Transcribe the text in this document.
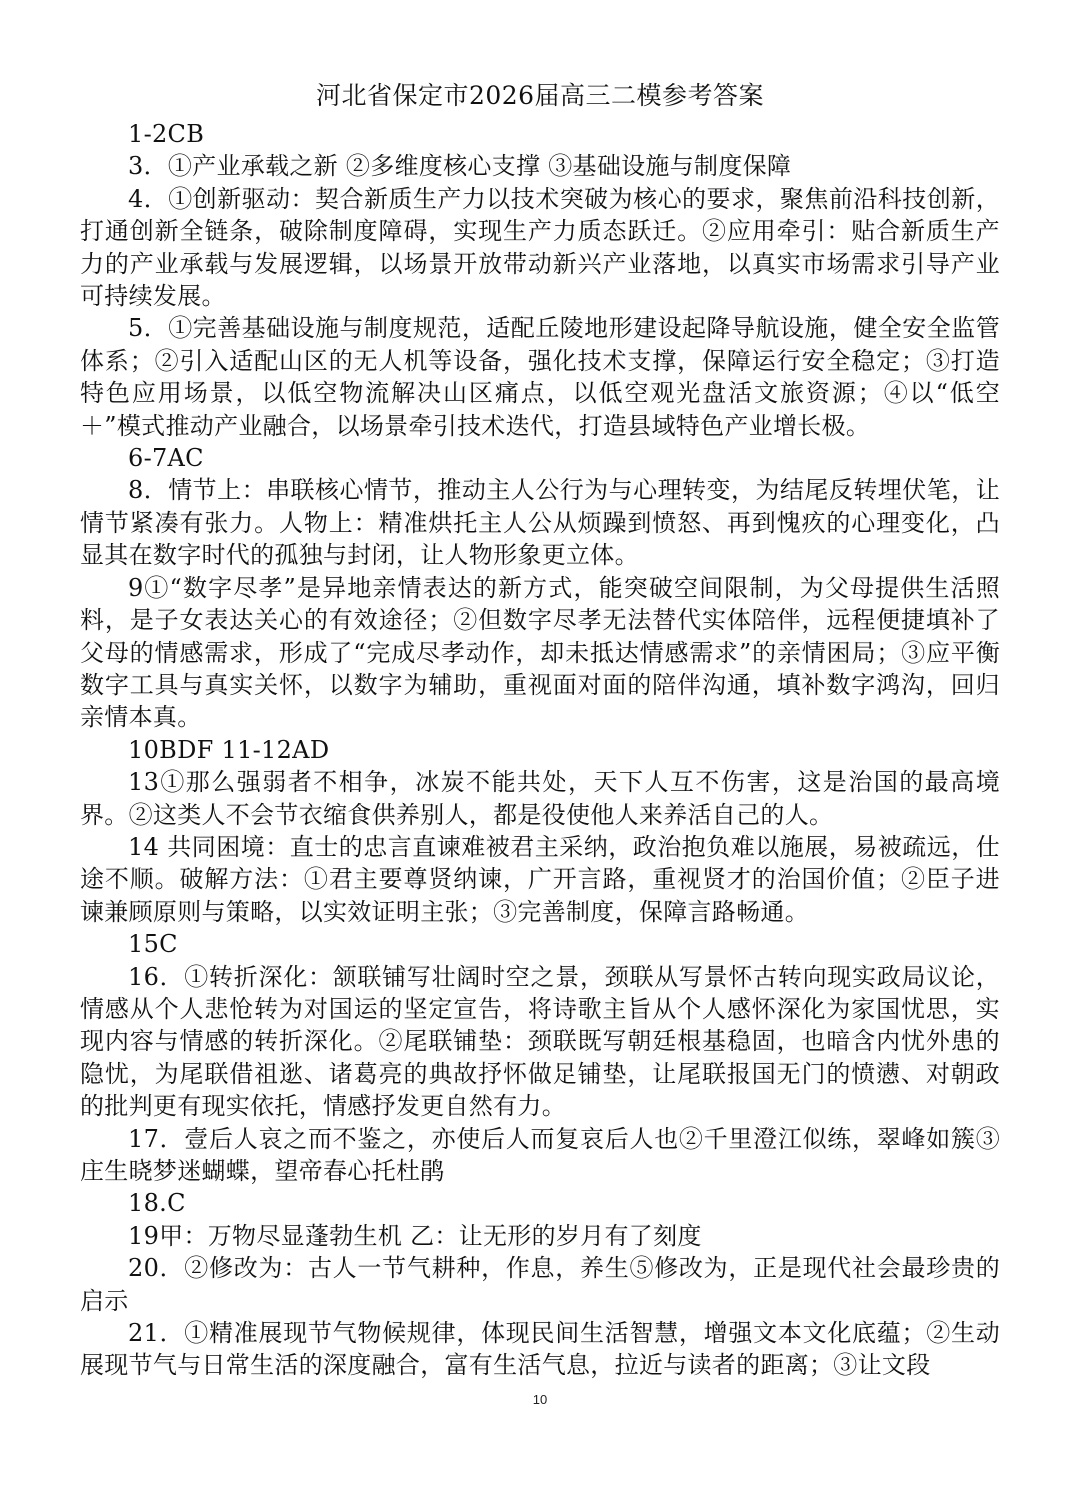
河北省保定市2026届高三二模参考答案

1-2CB

3．①产业承载之新 ②多维度核心支撑 ③基础设施与制度保障

4．①创新驱动：契合新质生产力以技术突破为核心的要求，聚焦前沿科技创新，打通创新全链条，破除制度障碍，实现生产力质态跃迁。②应用牵引：贴合新质生产力的产业承载与发展逻辑，以场景开放带动新兴产业落地，以真实市场需求引导产业可持续发展。

5．①完善基础设施与制度规范，适配丘陵地形建设起降导航设施，健全安全监管体系；②引入适配山区的无人机等设备，强化技术支撑，保障运行安全稳定；③打造特色应用场景，以低空物流解决山区痛点，以低空观光盘活文旅资源；④以“低空＋”模式推动产业融合，以场景牵引技术迭代，打造县域特色产业增长极。

6-7AC

8．情节上：串联核心情节，推动主人公行为与心理转变，为结尾反转埋伏笔，让情节紧凑有张力。人物上：精准烘托主人公从烦躁到愤怒、再到愧疚的心理变化，凸显其在数字时代的孤独与封闭，让人物形象更立体。

9①“数字尽孝”是异地亲情表达的新方式，能突破空间限制，为父母提供生活照料，是子女表达关心的有效途径；②但数字尽孝无法替代实体陪伴，远程便捷填补了父母的情感需求，形成了“完成尽孝动作，却未抵达情感需求”的亲情困局；③应平衡数字工具与真实关怀，以数字为辅助，重视面对面的陪伴沟通，填补数字鸿沟，回归亲情本真。

10BDF 11-12AD

13①那么强弱者不相争，冰炭不能共处，天下人互不伤害，这是治国的最高境界。②这类人不会节衣缩食供养别人，都是役使他人来养活自己的人。

14 共同困境：直士的忠言直谏难被君主采纳，政治抱负难以施展，易被疏远，仕途不顺。破解方法：①君主要尊贤纳谏，广开言路，重视贤才的治国价值；②臣子进谏兼顾原则与策略，以实效证明主张；③完善制度，保障言路畅通。

15C

16．①转折深化：颔联铺写壮阔时空之景，颈联从写景怀古转向现实政局议论，情感从个人悲怆转为对国运的坚定宣告，将诗歌主旨从个人感怀深化为家国忧思，实现内容与情感的转折深化。②尾联铺垫：颈联既写朝廷根基稳固，也暗含内忧外患的隐忧，为尾联借祖逖、诸葛亮的典故抒怀做足铺垫，让尾联报国无门的愤懑、对朝政的批判更有现实依托，情感抒发更自然有力。

17．壹后人哀之而不鉴之，亦使后人而复哀后人也②千里澄江似练，翠峰如簇③庄生晓梦迷蝴蝶，望帝春心托杜鹃

18.C

19甲：万物尽显蓬勃生机 乙：让无形的岁月有了刻度

20．②修改为：古人一节气耕种，作息，养生⑤修改为，正是现代社会最珍贵的启示

21．①精准展现节气物候规律，体现民间生活智慧，增强文本文化底蕴；②生动展现节气与日常生活的深度融合，富有生活气息，拉近与读者的距离；③让文段

10
